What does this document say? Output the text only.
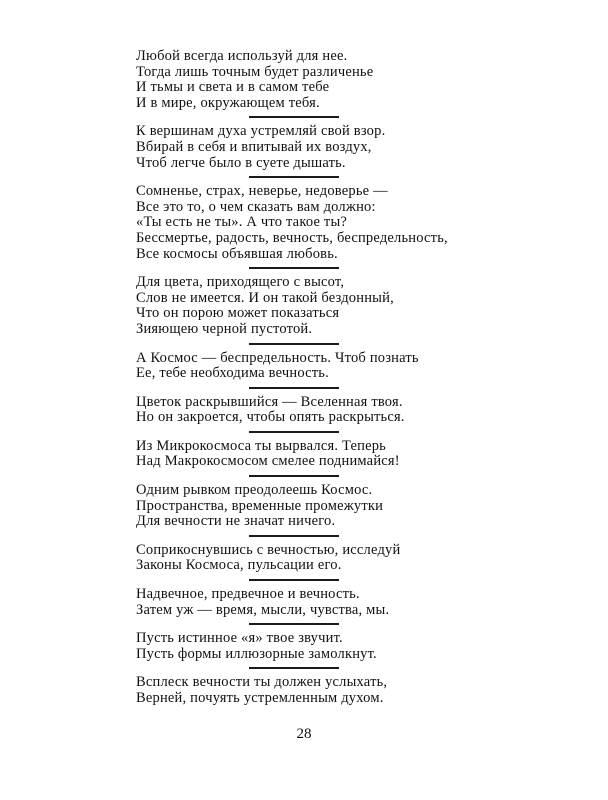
Любой всегда используй для нее.
Тогда лишь точным будет различенье
И тьмы и света и в самом тебе
И в мире, окружающем тебя.
К вершинам духа устремляй свой взор.
Вбирай в себя и впитывай их воздух,
Чтоб легче было в суете дышать.
Сомненье, страх, неверье, недоверье —
Все это то, о чем сказать вам должно:
«Ты есть не ты». А что такое ты?
Бессмертье, радость, вечность, беспредельность,
Все космосы объявшая любовь.
Для цвета, приходящего с высот,
Слов не имеется. И он такой бездонный,
Что он порою может показаться
Зияющею черной пустотой.
А Космос — беспредельность. Чтоб познать
Ее, тебе необходима вечность.
Цветок раскрывшийся — Вселенная твоя.
Но он закроется, чтобы опять раскрыться.
Из Микрокосмоса ты вырвался. Теперь
Над Макрокосмосом смелее поднимайся!
Одним рывком преодолеешь Космос.
Пространства, временные промежутки
Для вечности не значат ничего.
Соприкоснувшись с вечностью, исследуй
Законы Космоса, пульсации его.
Надвечное, предвечное и вечность.
Затем уж — время, мысли, чувства, мы.
Пусть истинное «я» твое звучит.
Пусть формы иллюзорные замолкнут.
Всплеск вечности ты должен услыхать,
Верней, почуять устремленным духом.
28
